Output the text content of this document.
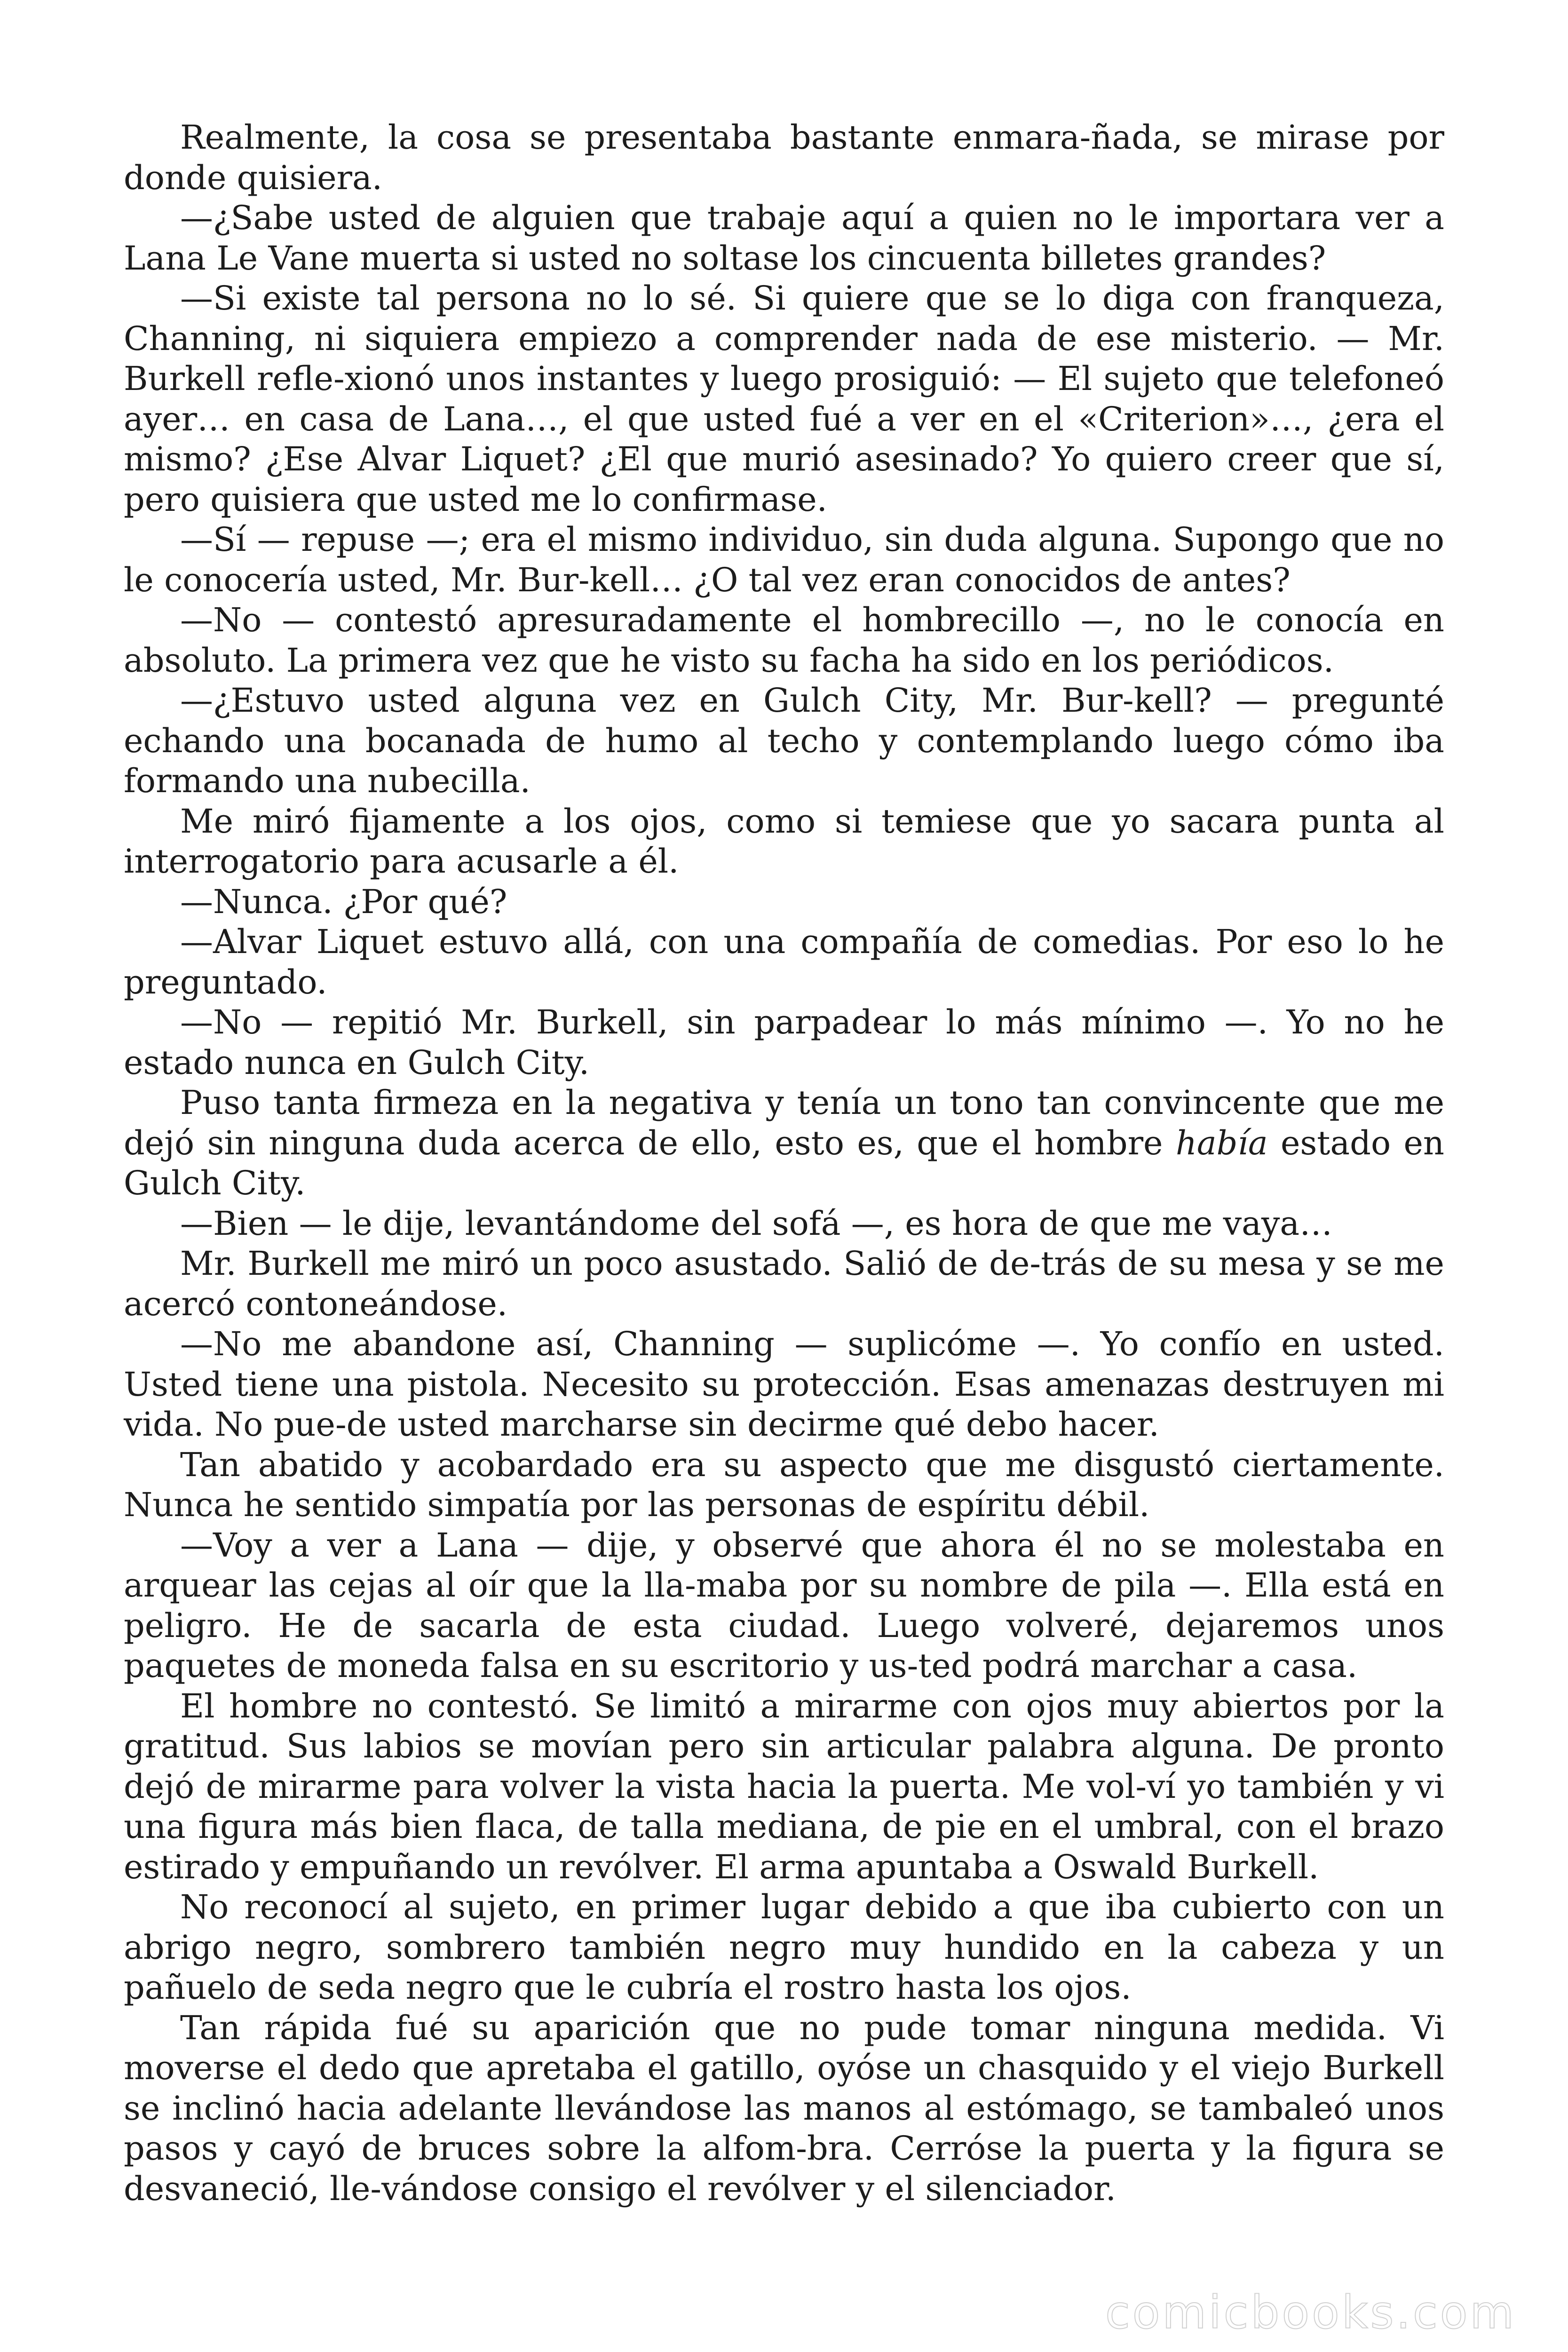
Realmente, la cosa se presentaba bastante enmara-ñada, se mirase por donde quisiera.

—¿Sabe usted de alguien que trabaje aquí a quien no le importara ver a Lana Le Vane muerta si usted no soltase los cincuenta billetes grandes?

—Si existe tal persona no lo sé. Si quiere que se lo diga con franqueza, Channing, ni siquiera empiezo a comprender nada de ese misterio. — Mr. Burkell refle-xionó unos instantes y luego prosiguió: — El sujeto que telefoneó ayer… en casa de Lana…, el que usted fué a ver en el «Criterion»…, ¿era el mismo? ¿Ese Alvar Liquet? ¿El que murió asesinado? Yo quiero creer que sí, pero quisiera que usted me lo confirmase.

—Sí — repuse —; era el mismo individuo, sin duda alguna. Supongo que no le conocería usted, Mr. Bur-kell… ¿O tal vez eran conocidos de antes?

—No — contestó apresuradamente el hombrecillo —, no le conocía en absoluto. La primera vez que he visto su facha ha sido en los periódicos.

—¿Estuvo usted alguna vez en Gulch City, Mr. Bur-kell? — pregunté echando una bocanada de humo al techo y contemplando luego cómo iba formando una nubecilla.

Me miró fijamente a los ojos, como si temiese que yo sacara punta al interrogatorio para acusarle a él.

—Nunca. ¿Por qué?

—Alvar Liquet estuvo allá, con una compañía de comedias. Por eso lo he preguntado.

—No — repitió Mr. Burkell, sin parpadear lo más mínimo —. Yo no he estado nunca en Gulch City.

Puso tanta firmeza en la negativa y tenía un tono tan convincente que me dejó sin ninguna duda acerca de ello, esto es, que el hombre había estado en Gulch City.

—Bien — le dije, levantándome del sofá —, es hora de que me vaya…

Mr. Burkell me miró un poco asustado. Salió de de-trás de su mesa y se me acercó contoneándose.

—No me abandone así, Channing — suplicóme —. Yo confío en usted. Usted tiene una pistola. Necesito su protección. Esas amenazas destruyen mi vida. No pue-de usted marcharse sin decirme qué debo hacer.

Tan abatido y acobardado era su aspecto que me disgustó ciertamente. Nunca he sentido simpatía por las personas de espíritu débil.

—Voy a ver a Lana — dije, y observé que ahora él no se molestaba en arquear las cejas al oír que la lla-maba por su nombre de pila —. Ella está en peligro. He de sacarla de esta ciudad. Luego volveré, dejaremos unos paquetes de moneda falsa en su escritorio y us-ted podrá marchar a casa.

El hombre no contestó. Se limitó a mirarme con ojos muy abiertos por la gratitud. Sus labios se movían pero sin articular palabra alguna. De pronto dejó de mirarme para volver la vista hacia la puerta. Me vol-ví yo también y vi una figura más bien flaca, de talla mediana, de pie en el umbral, con el brazo estirado y empuñando un revólver. El arma apuntaba a Oswald Burkell.

No reconocí al sujeto, en primer lugar debido a que iba cubierto con un abrigo negro, sombrero también negro muy hundido en la cabeza y un pañuelo de seda negro que le cubría el rostro hasta los ojos.

Tan rápida fué su aparición que no pude tomar ninguna medida. Vi moverse el dedo que apretaba el gatillo, oyóse un chasquido y el viejo Burkell se inclinó hacia adelante llevándose las manos al estómago, se tambaleó unos pasos y cayó de bruces sobre la alfom-bra. Cerróse la puerta y la figura se desvaneció, lle-vándose consigo el revólver y el silenciador.

comicbooks.com
